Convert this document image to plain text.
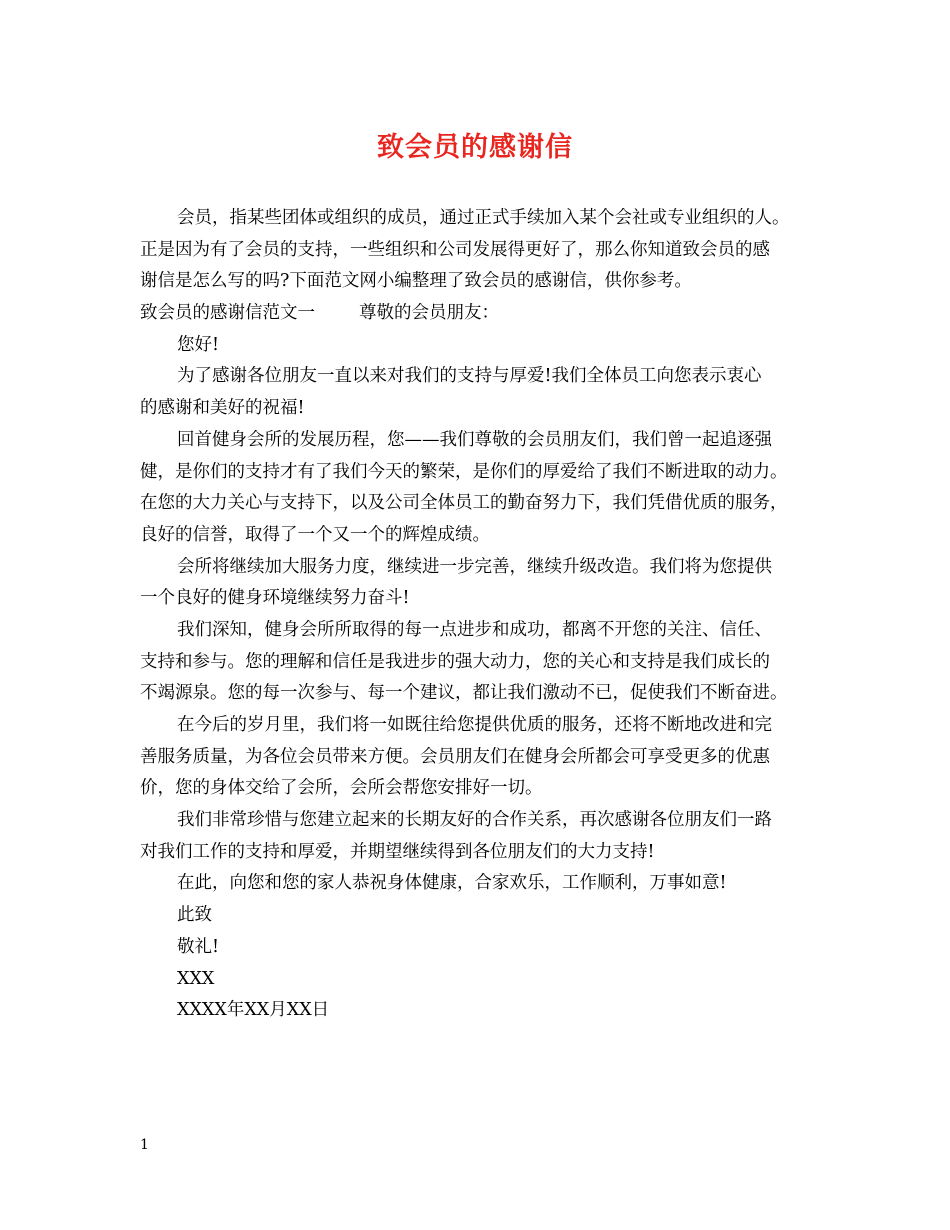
致会员的感谢信
会员，指某些团体或组织的成员，通过正式手续加入某个会社或专业组织的人。
正是因为有了会员的支持，一些组织和公司发展得更好了，那么你知道致会员的感
谢信是怎么写的吗?下面范文网小编整理了致会员的感谢信，供你参考。
致会员的感谢信范文一	尊敬的会员朋友：
您好!
为了感谢各位朋友一直以来对我们的支持与厚爱!我们全体员工向您表示衷心
的感谢和美好的祝福!
回首健身会所的发展历程，您——我们尊敬的会员朋友们，我们曾一起追逐强
健，是你们的支持才有了我们今天的繁荣，是你们的厚爱给了我们不断进取的动力。
在您的大力关心与支持下，以及公司全体员工的勤奋努力下，我们凭借优质的服务，
良好的信誉，取得了一个又一个的辉煌成绩。
会所将继续加大服务力度，继续进一步完善，继续升级改造。我们将为您提供
一个良好的健身环境继续努力奋斗!
我们深知，健身会所所取得的每一点进步和成功，都离不开您的关注、信任、
支持和参与。您的理解和信任是我进步的强大动力，您的关心和支持是我们成长的
不竭源泉。您的每一次参与、每一个建议，都让我们激动不已，促使我们不断奋进。
在今后的岁月里，我们将一如既往给您提供优质的服务，还将不断地改进和完
善服务质量，为各位会员带来方便。会员朋友们在健身会所都会可享受更多的优惠
价，您的身体交给了会所，会所会帮您安排好一切。
我们非常珍惜与您建立起来的长期友好的合作关系，再次感谢各位朋友们一路
对我们工作的支持和厚爱，并期望继续得到各位朋友们的大力支持!
在此，向您和您的家人恭祝身体健康，合家欢乐，工作顺利，万事如意!
此致
敬礼!
XXX
XXXX年XX月XX日
1
